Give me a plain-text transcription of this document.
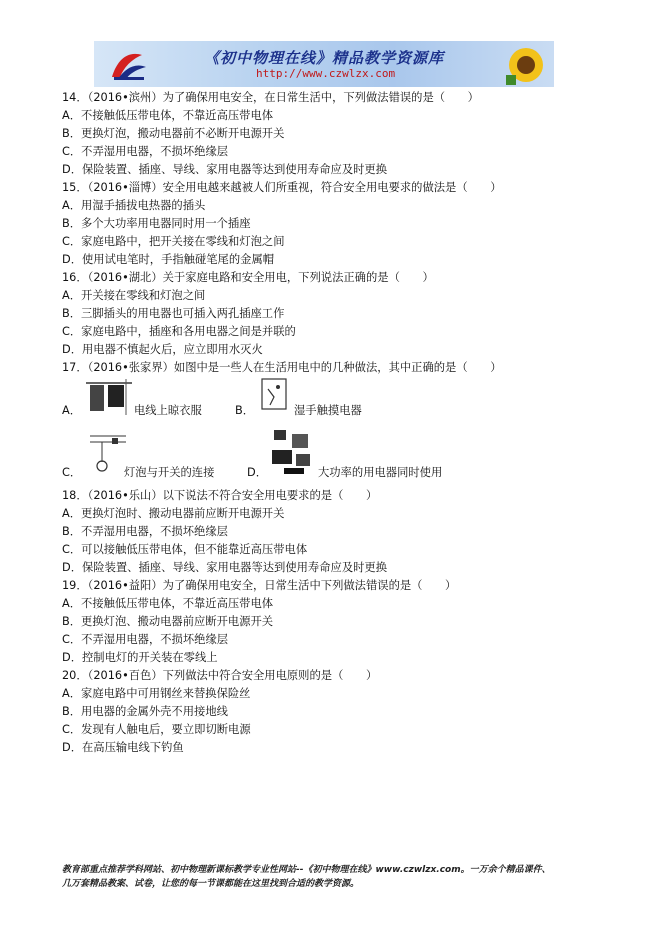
《初中物理在线》精品教学资源库
http://www.czwlzx.com
14．（2016•滨州）为了确保用电安全，在日常生活中，下列做法错误的是（　　）
A．不接触低压带电体，不靠近高压带电体
B．更换灯泡，搬动电器前不必断开电源开关
C．不弄湿用电器，不损坏绝缘层
D．保险装置、插座、导线、家用电器等达到使用寿命应及时更换
15．（2016•淄博）安全用电越来越被人们所重视，符合安全用电要求的做法是（　　）
A．用湿手插拔电热器的插头
B．多个大功率用电器同时用一个插座
C．家庭电路中，把开关接在零线和灯泡之间
D．使用试电笔时，手指触碰笔尾的金属帽
16．（2016•湖北）关于家庭电路和安全用电，下列说法正确的是（　　）
A．开关接在零线和灯泡之间
B．三脚插头的用电器也可插入两孔插座工作
C．家庭电路中，插座和各用电器之间是并联的
D．用电器不慎起火后，应立即用水灭火
17．（2016•张家界）如图中是一些人在生活用电中的几种做法，其中正确的是（　　）
A．	电线上晾衣服	B．	湿手触摸电器
C．	灯泡与开关的连接	D．	大功率的用电器同时使用
18．（2016•乐山）以下说法不符合安全用电要求的是（　　）
A．更换灯泡时、搬动电器前应断开电源开关
B．不弄湿用电器，不损坏绝缘层
C．可以接触低压带电体，但不能靠近高压带电体
D．保险装置、插座、导线、家用电器等达到使用寿命应及时更换
19．（2016•益阳）为了确保用电安全，日常生活中下列做法错误的是（　　）
A．不接触低压带电体，不靠近高压带电体
B．更换灯泡、搬动电器前应断开电源开关
C．不弄湿用电器，不损坏绝缘层
D．控制电灯的开关装在零线上
20．（2016•百色）下列做法中符合安全用电原则的是（　　）
A．家庭电路中可用钢丝来替换保险丝
B．用电器的金属外壳不用接地线
C．发现有人触电后，要立即切断电源
D．在高压输电线下钓鱼
教育部重点推荐学科网站、初中物理新课标教学专业性网站--《初中物理在线》www.czwlzx.com。一万余个精品课件、
几万套精品教案、试卷，让您的每一节课都能在这里找到合适的教学资源。
